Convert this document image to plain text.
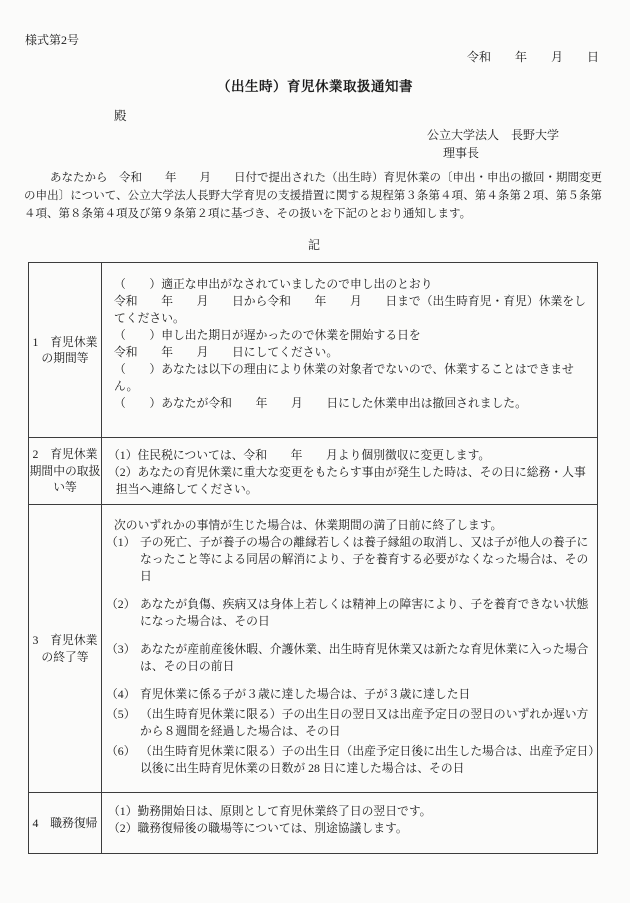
様式第2号
令和　　年　　月　　日
（出生時）育児休業取扱通知書
殿
公立大学法人　長野大学
理事長

あなたから　令和　　年　　月　　日付で提出された（出生時）育児休業の〔申出・申出の撤回・期間変更の申出〕について、公立大学法人長野大学育児の支援措置に関する規程第３条第４項、第４条第２項、第５条第４項、第８条第４項及び第９条第２項に基づき、その扱いを下記のとおり通知します。

記
1　育児休業の期間等

（　　）適正な申出がなされていましたので申し出のとおり

令和　　年　　月　　日から令和　　年　　月　　日まで（出生時育児・育児）休業をしてください。

（　　）申し出た期日が遅かったので休業を開始する日を

令和　　年　　月　　日にしてください。

（　　）あなたは以下の理由により休業の対象者でないので、休業することはできません。

（　　）あなたが令和　　年　　月　　日にした休業申出は撤回されました。

2　育児休業期間中の取扱い等

（1）住民税については、令和　　年　　月より個別徴収に変更します。

（2）あなたの育児休業に重大な変更をもたらす事由が発生した時は、その日に総務・人事担当へ連絡してください。

3　育児休業の終了等

次のいずれかの事情が生じた場合は、休業期間の満了日前に終了します。

（1） 子の死亡、子が養子の場合の離縁若しくは養子縁組の取消し、又は子が他人の養子になったこと等による同居の解消により、子を養育する必要がなくなった場合は、その日
（2） あなたが負傷、疾病又は身体上若しくは精神上の障害により、子を養育できない状態になった場合は、その日
（3） あなたが産前産後休暇、介護休業、出生時育児休業又は新たな育児休業に入った場合は、その日の前日
（4） 育児休業に係る子が３歳に達した場合は、子が３歳に達した日
（5） （出生時育児休業に限る）子の出生日の翌日又は出産予定日の翌日のいずれか遅い方から８週間を経過した場合は、その日
（6） （出生時育児休業に限る）子の出生日（出産予定日後に出生した場合は、出産予定日）以後に出生時育児休業の日数が 28 日に達した場合は、その日
4　職務復帰

（1）勤務開始日は、原則として育児休業終了日の翌日です。

（2）職務復帰後の職場等については、別途協議します。
